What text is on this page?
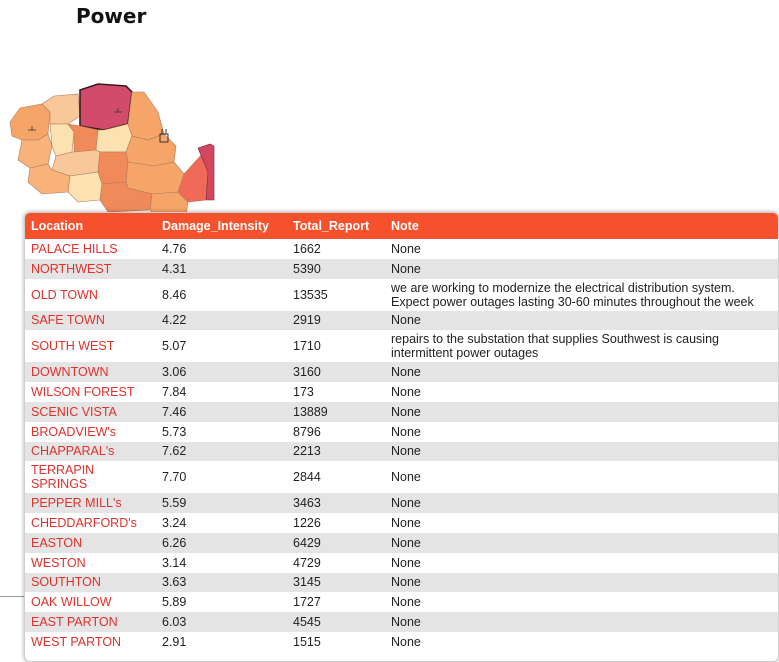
Power
Location	Damage_Intensity	Total_Report	Note
PALACE HILLS	4.76	1662	None
NORTHWEST	4.31	5390	None
OLD TOWN	8.46	13535	we are working to modernize the electrical distribution system. Expect power outages lasting 30-60 minutes throughout the week
SAFE TOWN	4.22	2919	None
SOUTH WEST	5.07	1710	repairs to the substation that supplies Southwest is causing intermittent power outages
DOWNTOWN	3.06	3160	None
WILSON FOREST	7.84	173	None
SCENIC VISTA	7.46	13889	None
BROADVIEW's	5.73	8796	None
CHAPPARAL's	7.62	2213	None
TERRAPIN SPRINGS	7.70	2844	None
PEPPER MILL's	5.59	3463	None
CHEDDARFORD's	3.24	1226	None
EASTON	6.26	6429	None
WESTON	3.14	4729	None
SOUTHTON	3.63	3145	None
OAK WILLOW	5.89	1727	None
EAST PARTON	6.03	4545	None
WEST PARTON	2.91	1515	None
